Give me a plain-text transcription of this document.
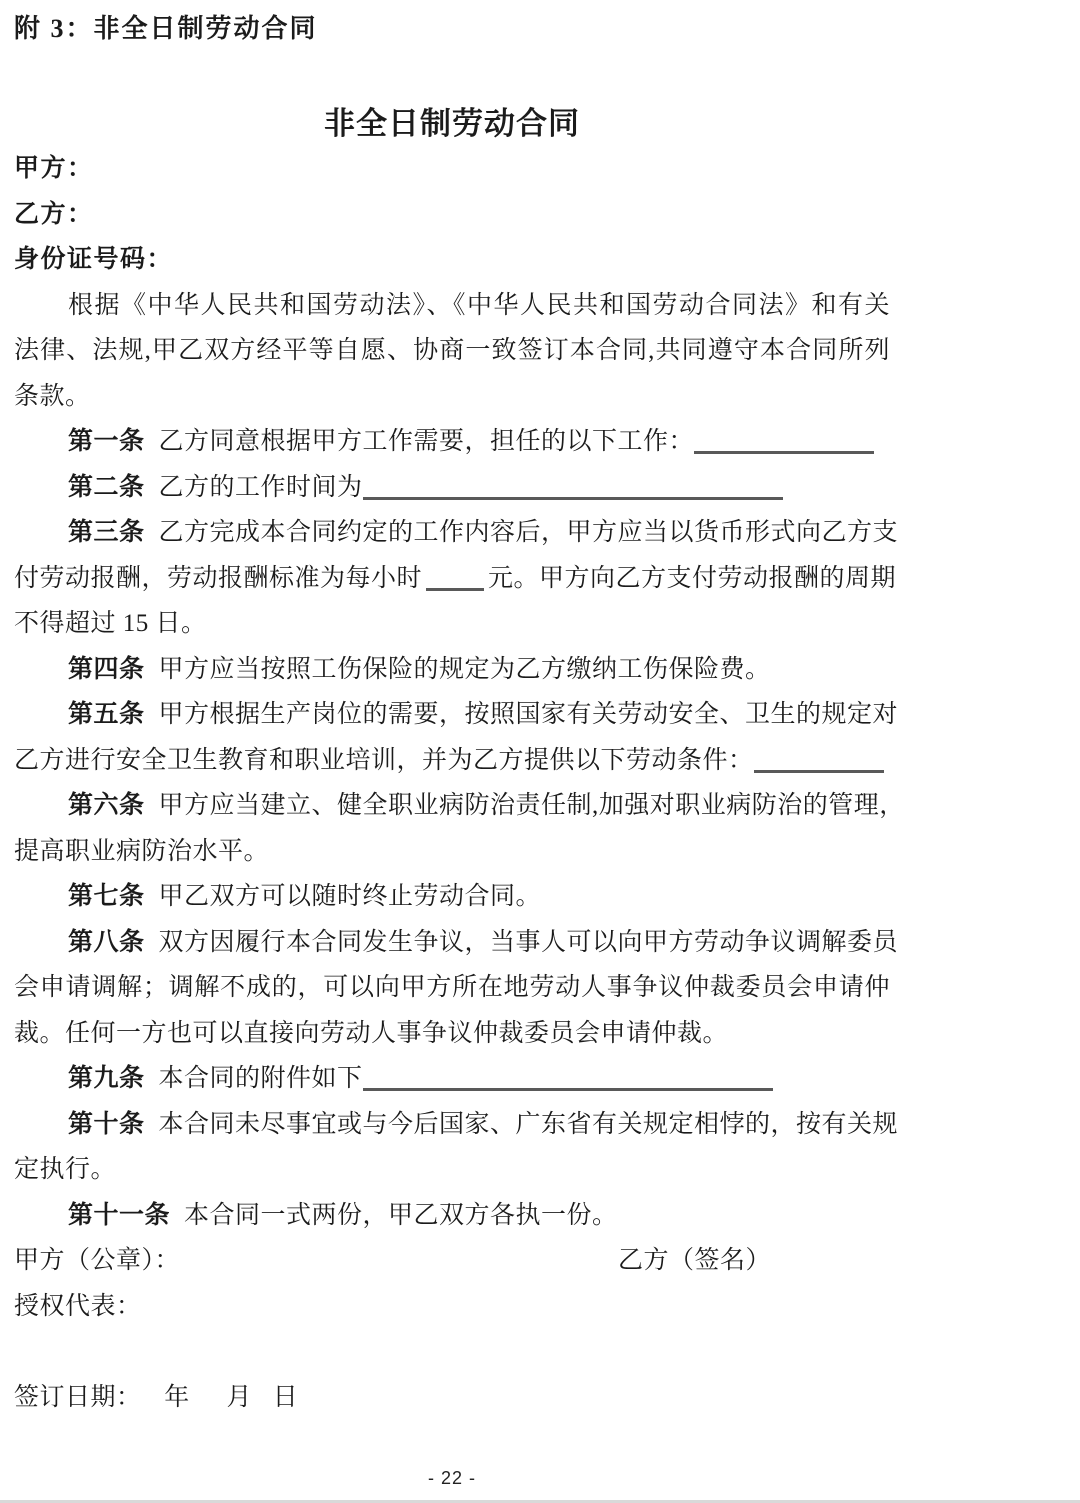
附 3：非全日制劳动合同
非全日制劳动合同
甲方：
乙方：
身份证号码：
根据《中华人民共和国劳动法》、《中华人民共和国劳动合同法》和有关
法律、法规,甲乙双方经平等自愿、协商一致签订本合同,共同遵守本合同所列
条款。
第一条 乙方同意根据甲方工作需要，担任的以下工作：
第二条 乙方的工作时间为
第三条 乙方完成本合同约定的工作内容后，甲方应当以货币形式向乙方支
付劳动报酬，劳动报酬标准为每小时	元。甲方向乙方支付劳动报酬的周期
不得超过 15 日。
第四条 甲方应当按照工伤保险的规定为乙方缴纳工伤保险费。
第五条 甲方根据生产岗位的需要，按照国家有关劳动安全、卫生的规定对
乙方进行安全卫生教育和职业培训，并为乙方提供以下劳动条件：
第六条 甲方应当建立、健全职业病防治责任制,加强对职业病防治的管理，
提高职业病防治水平。
第七条 甲乙双方可以随时终止劳动合同。
第八条 双方因履行本合同发生争议，当事人可以向甲方劳动争议调解委员
会申请调解；调解不成的，可以向甲方所在地劳动人事争议仲裁委员会申请仲
裁。任何一方也可以直接向劳动人事争议仲裁委员会申请仲裁。
第九条 本合同的附件如下
第十条 本合同未尽事宜或与今后国家、广东省有关规定相悖的，按有关规
定执行。
第十一条 本合同一式两份，甲乙双方各执一份。
甲方（公章）：	乙方（签名）
授权代表：
签订日期： 年 月 日
- 22 -
